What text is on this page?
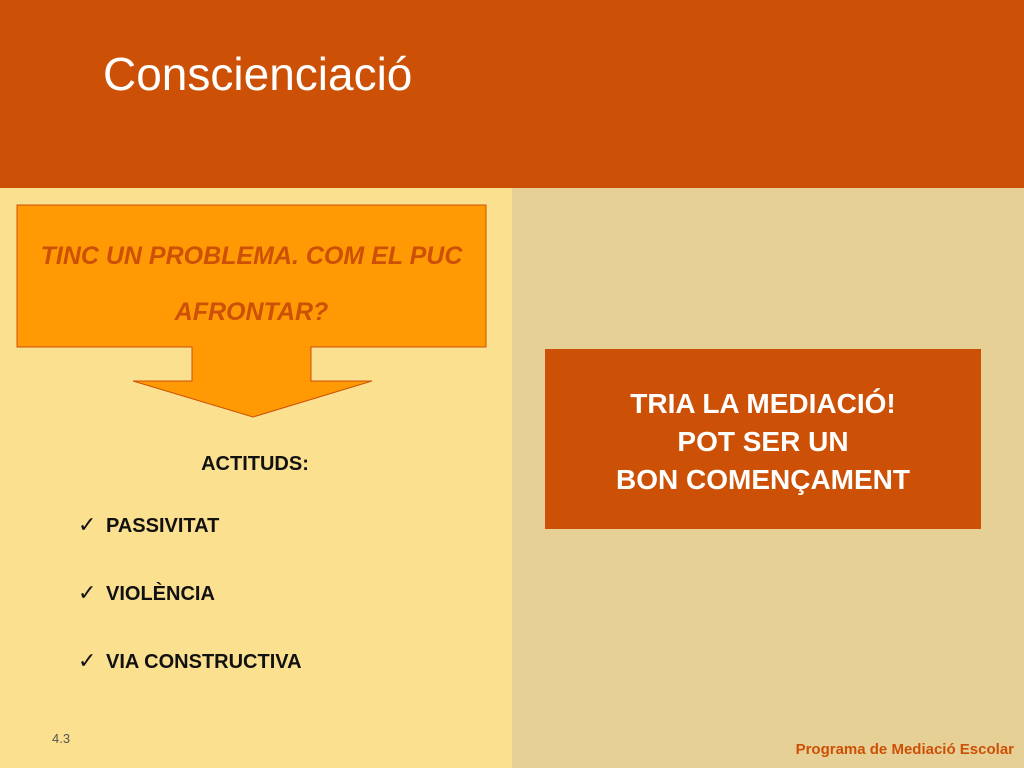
Conscienciació
TINC UN PROBLEMA. COM EL PUC AFRONTAR?
ACTITUDS:
✓ PASSIVITAT
✓ VIOLÈNCIA
✓ VIA CONSTRUCTIVA
TRIA LA MEDIACIÓ!
POT SER UN
BON COMENÇAMENT
4.3
Programa de Mediació Escolar
